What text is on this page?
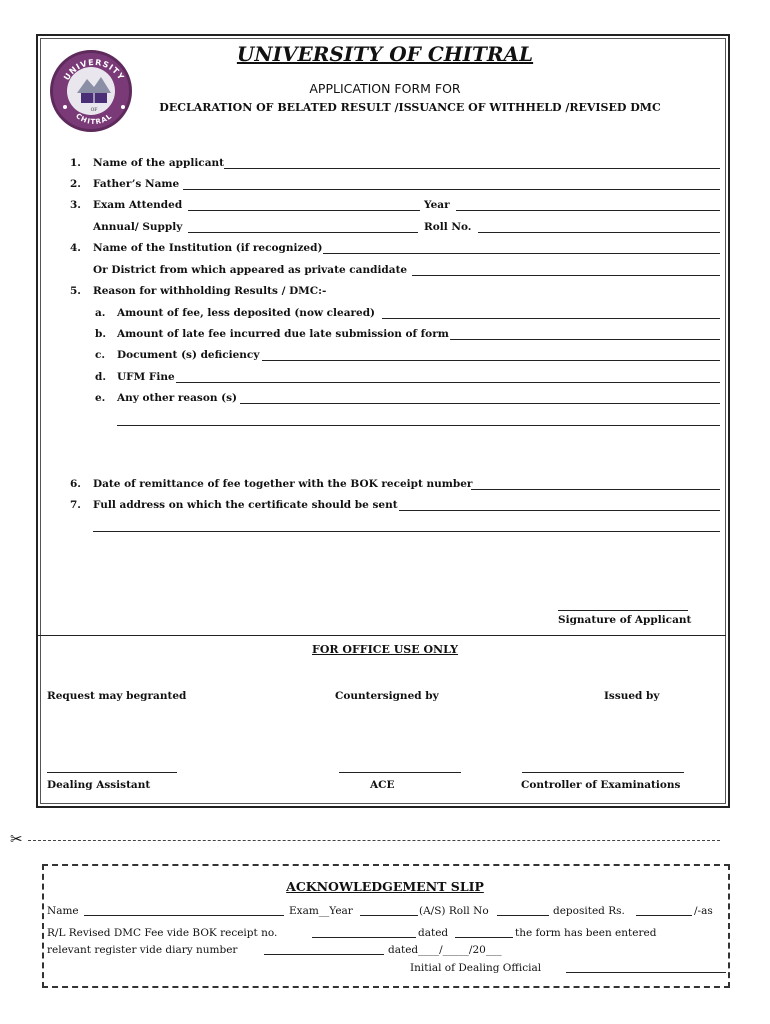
UNIVERSITY
CHITRAL
OF
UNIVERSITY OF CHITRAL
APPLICATION FORM FOR
DECLARATION OF BELATED RESULT /ISSUANCE OF WITHHELD /REVISED DMC
1. Name of the applicant
2. Father’s Name
3. Exam Attended	Year
Annual/ Supply	Roll No.
4. Name of the Institution (if recognized)
Or District from which appeared as private candidate
5. Reason for withholding Results / DMC:-
a. Amount of fee, less deposited (now cleared)
b. Amount of late fee incurred due late submission of form
c. Document (s) deficiency
d. UFM Fine
e. Any other reason (s)
6. Date of remittance of fee together with the BOK receipt number
7. Full address on which the certificate should be sent
Signature of Applicant
FOR OFFICE USE ONLY
Request may begranted	Countersigned by	Issued by
Dealing Assistant	ACE	Controller of Examinations
✂
ACKNOWLEDGEMENT SLIP
Name	Exam__Year	(A/S) Roll No	deposited Rs.	/-as
R/L Revised DMC Fee vide BOK receipt no.	dated	the form has been entered
relevant register vide diary number	dated____/_____/20___
Initial of Dealing Official
